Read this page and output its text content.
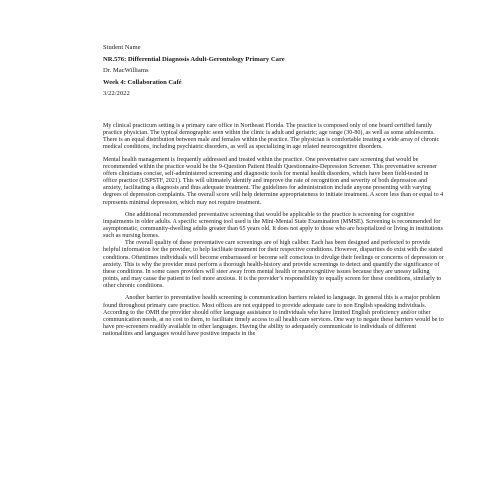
Student Name

NR.576: Differential Diagnosis Adult-Gerontology Primary Care

Dr. MacWilliams

Week 4: Collaboration Café

3/22/2022

My clinical practicum setting is a primary care office in Northeast Florida. The practice is composed only of one board certified family practice physician. The typical demographic seen within the clinic is adult and geriatric; age range (30-80), as well as some adolescents. There is an equal distribution between male and females within the practice. The physician is comfortable treating a wide array of chronic medical conditions, including psychiatric disorders, as well as specializing in age related neurocognitive disorders.

Mental health management is frequently addressed and treated within the practice. One preventative care screening that would be recommended within the practice would be the 9-Question Patient Health Questionnaire-Depression Screener. This preventative screener offers clinicians concise, self-administered screening and diagnostic tools for mental health disorders, which have been field-tested in office practice (USPSTF, 2021). This will ultimately identify and improve the rate of recognition and severity of both depression and anxiety, facilitating a diagnosis and thus adequate treatment. The guidelines for administration include anyone presenting with varying degrees of depression complaints. The overall score will help determine appropriateness to initiate treatment. A score less than or equal to 4 represents minimal depression, which may not require treatment.

One additional recommended preventative screening that would be applicable to the practice is screening for cognitive impairments in older adults. A specific screening tool used is the Mini-Mental State Examination (MMSE). Screening is recommended for asymptomatic, community-dwelling adults greater than 65 years old. It does not apply to those who are hospitalized or living in institutions such as nursing homes.

The overall quality of these preventative care screenings are of high caliber. Each has been designed and perfected to provide helpful information for the provider, to help facilitate treatment for their respective conditions. However, disparities do exist with the stated conditions. Oftentimes individuals will become embarrassed or become self conscious to divulge their feelings or concerns of depression or anxiety. This is why the provider must perform a thorough health-history and provide screenings to detect and quantify the significance of these conditions. In some cases providers will steer away from mental health or neurocognitive issues because they are uneasy talking points, and may cause the patient to feel more anxious. It is the provider’s responsibility to equally screen for these conditions, similarly to other chronic conditions.

Another barrier to preventative health screening is communication barriers related to language. In general this is a major problem found throughout primary care practice. Most offices are not equipped to provide adequate care to non English speaking individuals. According to the OMH the provider should offer language assistance to individuals who have limited English proficiency and/or other communication needs, at no cost to them, to facilitate timely access to all health care services. One way to negate these barriers would be to have pre-screeners readily available in other languages. Having the ability to adequately communicate to individuals of different nationalities and languages would have positive impacts in the
